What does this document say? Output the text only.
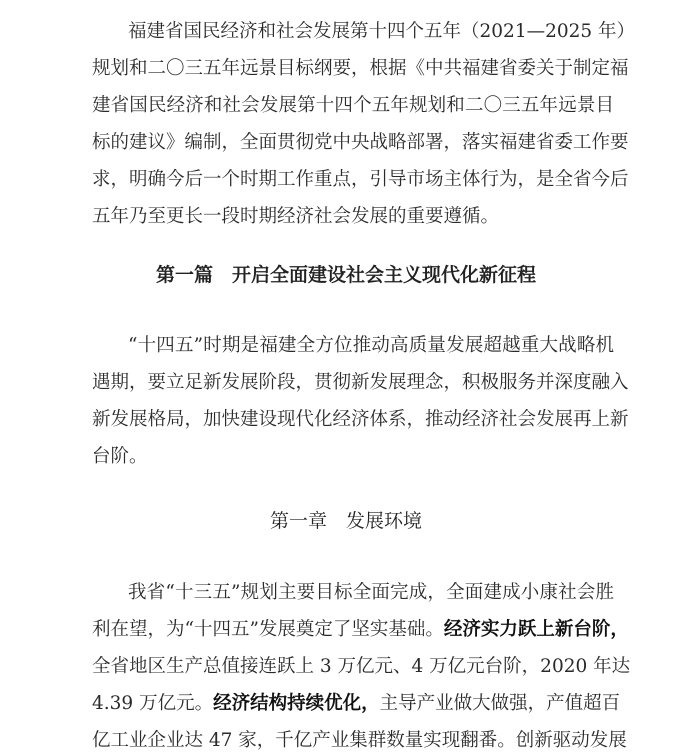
福建省国民经济和社会发展第十四个五年（2021—2025 年）
规划和二〇三五年远景目标纲要，根据《中共福建省委关于制定福
建省国民经济和社会发展第十四个五年规划和二〇三五年远景目
标的建议》编制，全面贯彻党中央战略部署，落实福建省委工作要
求，明确今后一个时期工作重点，引导市场主体行为，是全省今后
五年乃至更长一段时期经济社会发展的重要遵循。
第一篇　开启全面建设社会主义现代化新征程
“十四五”时期是福建全方位推动高质量发展超越重大战略机
遇期，要立足新发展阶段，贯彻新发展理念，积极服务并深度融入
新发展格局，加快建设现代化经济体系，推动经济社会发展再上新
台阶。
第一章　发展环境
我省“十三五”规划主要目标全面完成，全面建成小康社会胜
利在望，为“十四五”发展奠定了坚实基础。经济实力跃上新台阶，
全省地区生产总值接连跃上 3 万亿元、4 万亿元台阶，2020 年达
4.39 万亿元。经济结构持续优化，主导产业做大做强，产值超百
亿工业企业达 47 家，千亿产业集群数量实现翻番。创新驱动发展
